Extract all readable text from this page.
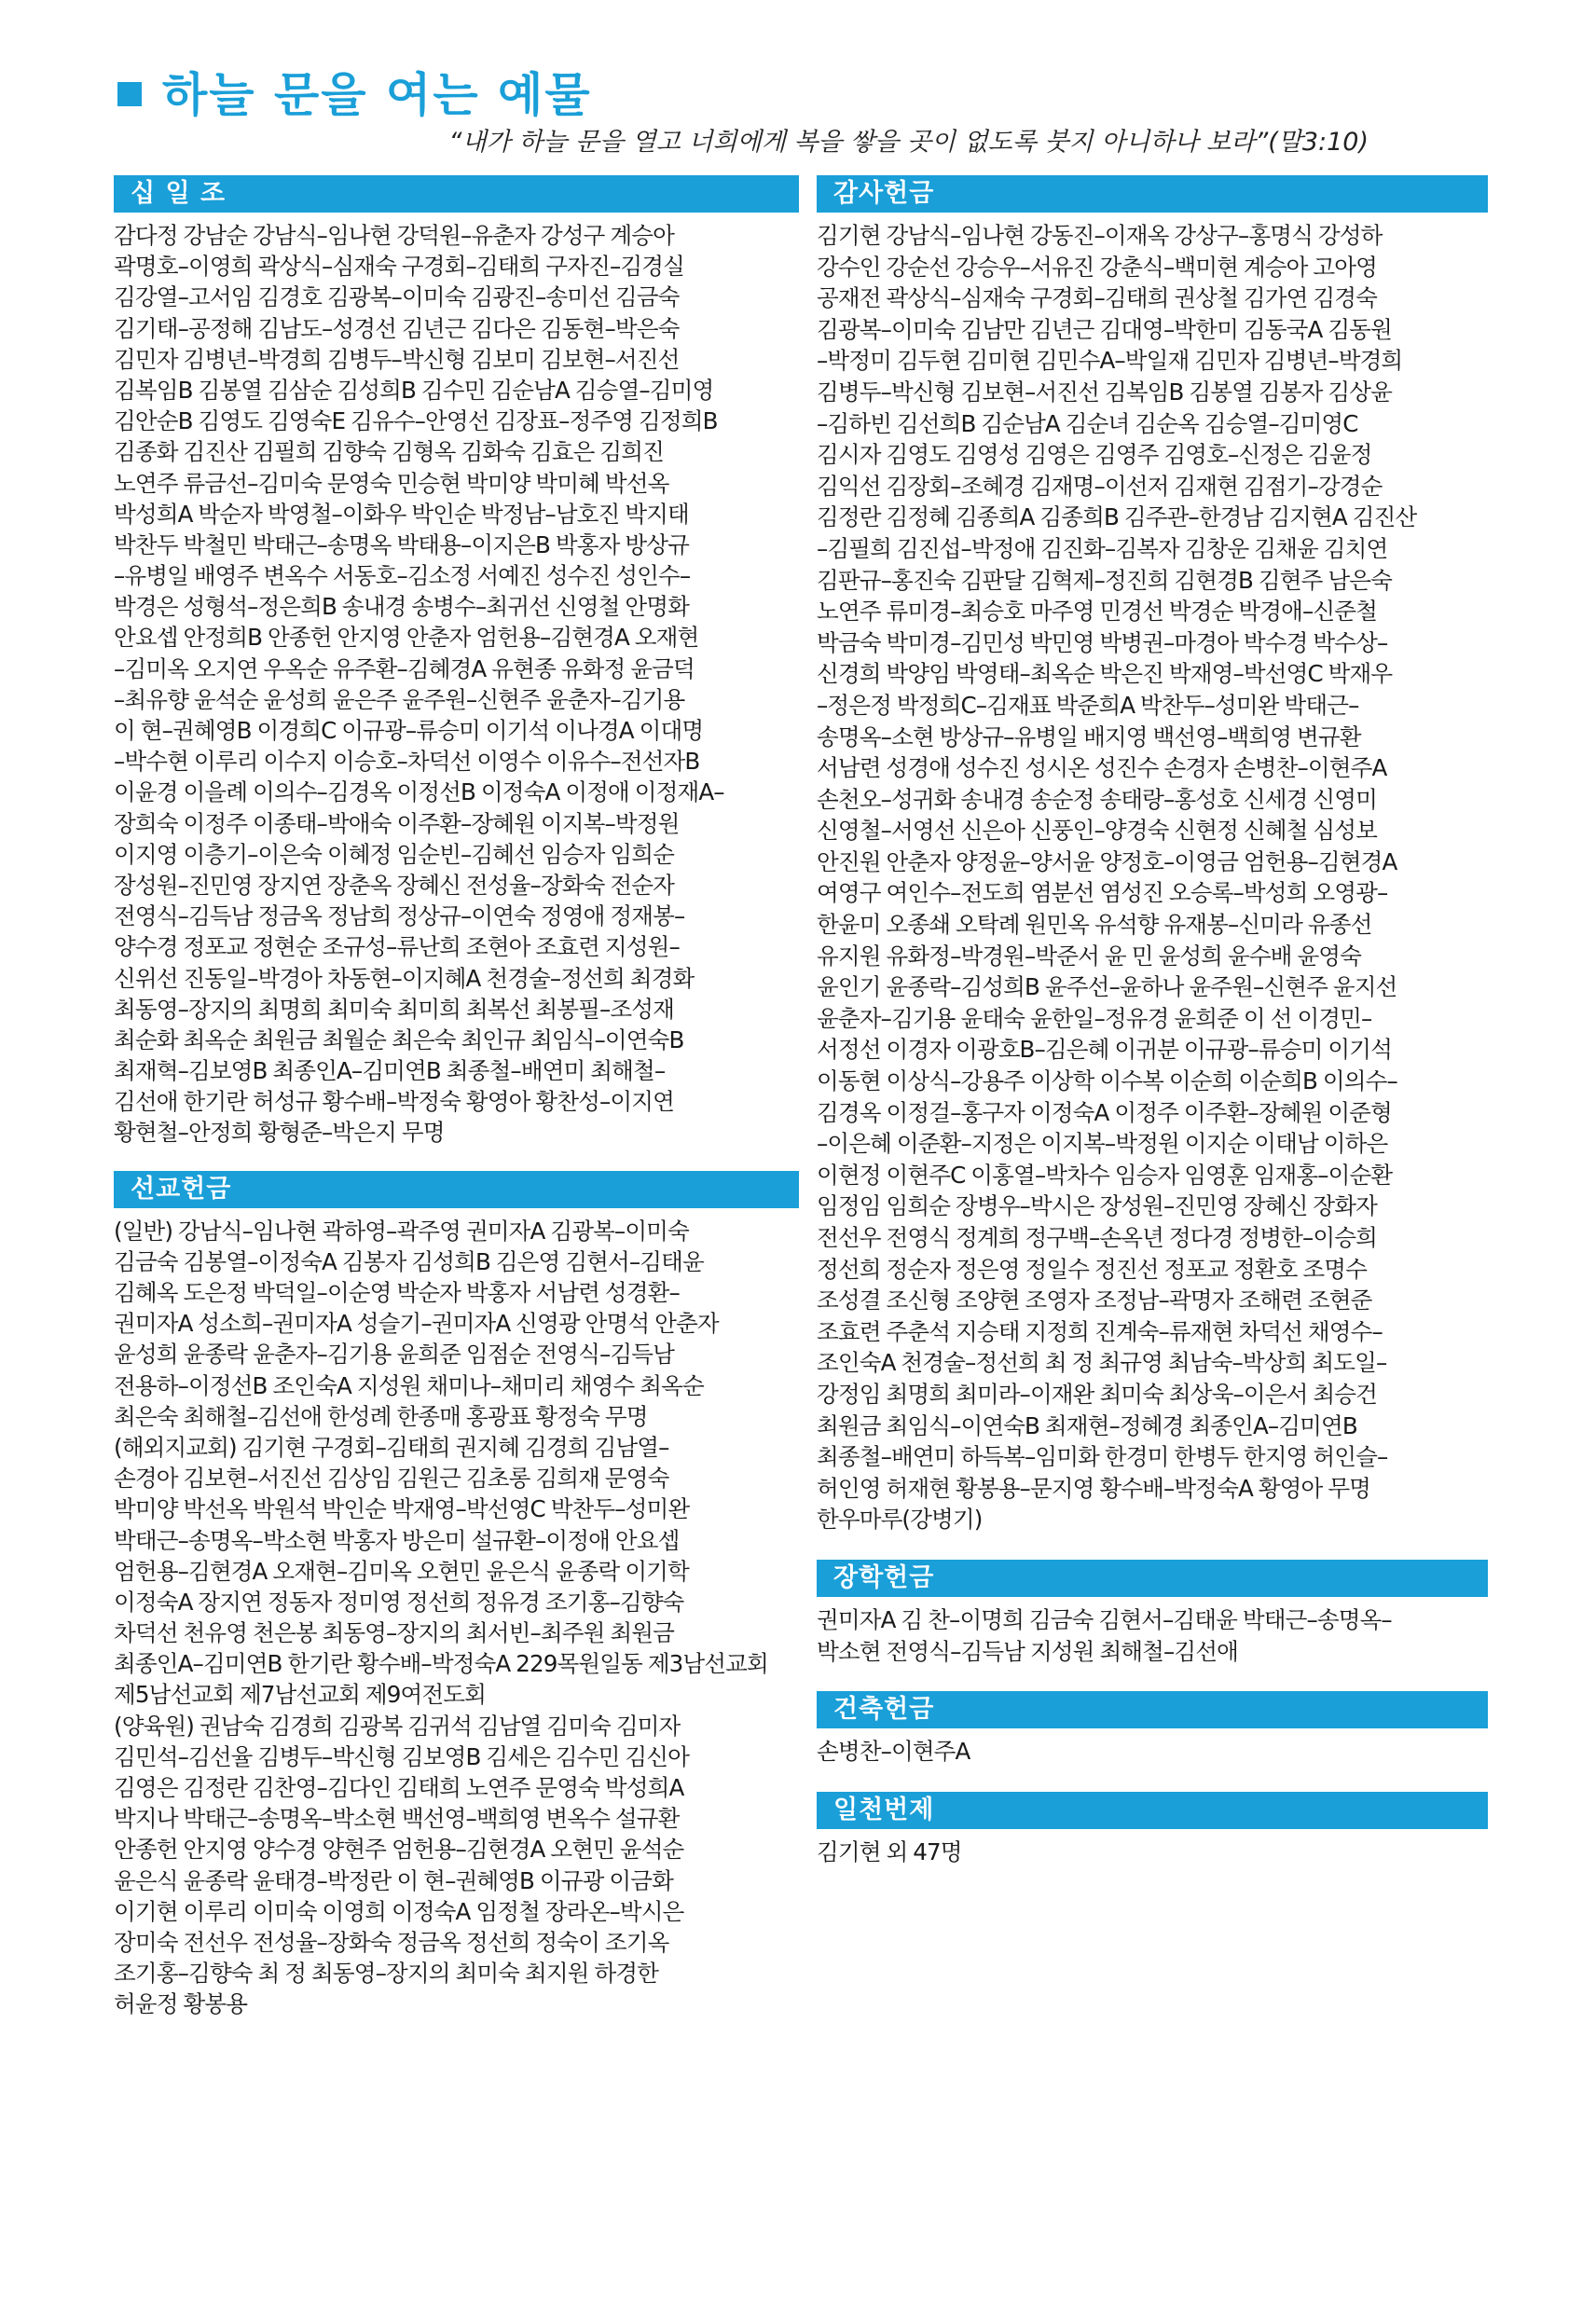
하늘 문을 여는 예물
“내가 하늘 문을 열고 너희에게 복을 쌓을 곳이 없도록 붓지 아니하나 보라”(말3:10)
십 일 조
감다정 강남순 강남식–임나현 강덕원–유춘자 강성구 계승아
곽명호–이영희 곽상식–심재숙 구경회–김태희 구자진–김경실
김강열–고서임 김경호 김광복–이미숙 김광진–송미선 김금숙
김기태–공정해 김남도–성경선 김년근 김다은 김동현–박은숙
김민자 김병년–박경희 김병두–박신형 김보미 김보현–서진선
김복임B 김봉열 김삼순 김성희B 김수민 김순남A 김승열–김미영
김안순B 김영도 김영숙E 김유수–안영선 김장표–정주영 김정희B
김종화 김진산 김필희 김향숙 김형옥 김화숙 김효은 김희진
노연주 류금선–김미숙 문영숙 민승현 박미양 박미혜 박선옥
박성희A 박순자 박영철–이화우 박인순 박정남–남호진 박지태
박찬두 박철민 박태근–송명옥 박태용–이지은B 박홍자 방상규
–유병일 배영주 변옥수 서동호–김소정 서예진 성수진 성인수–
박경은 성형석–정은희B 송내경 송병수–최귀선 신영철 안명화
안요셉 안정희B 안종헌 안지영 안춘자 엄헌용–김현경A 오재현
–김미옥 오지연 우옥순 유주환–김혜경A 유현종 유화정 윤금덕
–최유향 윤석순 윤성희 윤은주 윤주원–신현주 윤춘자–김기용
이 현–권혜영B 이경희C 이규광–류승미 이기석 이나경A 이대명
–박수현 이루리 이수지 이승호–차덕선 이영수 이유수–전선자B
이윤경 이을례 이의수–김경옥 이정선B 이정숙A 이정애 이정재A–
장희숙 이정주 이종태–박애숙 이주환–장혜원 이지복–박정원
이지영 이층기–이은숙 이혜정 임순빈–김혜선 임승자 임희순
장성원–진민영 장지연 장춘옥 장혜신 전성율–장화숙 전순자
전영식–김득남 정금옥 정남희 정상규–이연숙 정영애 정재봉–
양수경 정포교 정현순 조규성–류난희 조현아 조효련 지성원–
신위선 진동일–박경아 차동현–이지혜A 천경술–정선희 최경화
최동영–장지의 최명희 최미숙 최미희 최복선 최봉필–조성재
최순화 최옥순 최원금 최월순 최은숙 최인규 최임식–이연숙B
최재혁–김보영B 최종인A–김미연B 최종철–배연미 최해철–
김선애 한기란 허성규 황수배–박정숙 황영아 황찬성–이지연
황현철–안정희 황형준–박은지 무명
선교헌금
(일반) 강남식–임나현 곽하영–곽주영 권미자A 김광복–이미숙
김금숙 김봉열–이정숙A 김봉자 김성희B 김은영 김현서–김태윤
김혜옥 도은정 박덕일–이순영 박순자 박홍자 서남련 성경환–
권미자A 성소희–권미자A 성슬기–권미자A 신영광 안명석 안춘자
윤성희 윤종락 윤춘자–김기용 윤희준 임점순 전영식–김득남
전용하–이정선B 조인숙A 지성원 채미나–채미리 채영수 최옥순
최은숙 최해철–김선애 한성례 한종매 홍광표 황정숙 무명
(해외지교회) 김기현 구경회–김태희 권지혜 김경희 김남열–
손경아 김보현–서진선 김상임 김원근 김초롱 김희재 문영숙
박미양 박선옥 박원석 박인순 박재영–박선영C 박찬두–성미완
박태근–송명옥–박소현 박홍자 방은미 설규환–이정애 안요셉
엄헌용–김현경A 오재현–김미옥 오현민 윤은식 윤종락 이기학
이정숙A 장지연 정동자 정미영 정선희 정유경 조기홍–김향숙
차덕선 천유영 천은봉 최동영–장지의 최서빈–최주원 최원금
최종인A–김미연B 한기란 황수배–박정숙A 229목원일동 제3남선교회
제5남선교회 제7남선교회 제9여전도회
(양육원) 권남숙 김경희 김광복 김귀석 김남열 김미숙 김미자
김민석–김선율 김병두–박신형 김보영B 김세은 김수민 김신아
김영은 김정란 김찬영–김다인 김태희 노연주 문영숙 박성희A
박지나 박태근–송명옥–박소현 백선영–백희영 변옥수 설규환
안종헌 안지영 양수경 양현주 엄헌용–김현경A 오현민 윤석순
윤은식 윤종락 윤태경–박정란 이 현–권혜영B 이규광 이금화
이기현 이루리 이미숙 이영희 이정숙A 임정철 장라온–박시은
장미숙 전선우 전성율–장화숙 정금옥 정선희 정숙이 조기옥
조기홍–김향숙 최 정 최동영–장지의 최미숙 최지원 하경한
허윤정 황봉용
감사헌금
김기현 강남식–임나현 강동진–이재옥 강상구–홍명식 강성하
강수인 강순선 강승우–서유진 강춘식–백미현 계승아 고아영
공재전 곽상식–심재숙 구경회–김태희 권상철 김가연 김경숙
김광복–이미숙 김남만 김년근 김대영–박한미 김동국A 김동원
–박정미 김두현 김미현 김민수A–박일재 김민자 김병년–박경희
김병두–박신형 김보현–서진선 김복임B 김봉열 김봉자 김상윤
–김하빈 김선희B 김순남A 김순녀 김순옥 김승열–김미영C
김시자 김영도 김영성 김영은 김영주 김영호–신정은 김윤정
김익선 김장회–조혜경 김재명–이선저 김재현 김점기–강경순
김정란 김정혜 김종희A 김종희B 김주관–한경남 김지현A 김진산
–김필희 김진섭–박정애 김진화–김복자 김창운 김채윤 김치연
김판규–홍진숙 김판달 김혁제–정진희 김현경B 김현주 남은숙
노연주 류미경–최승호 마주영 민경선 박경순 박경애–신준철
박금숙 박미경–김민성 박민영 박병권–마경아 박수경 박수상–
신경희 박양임 박영태–최옥순 박은진 박재영–박선영C 박재우
–정은정 박정희C–김재표 박준희A 박찬두–성미완 박태근–
송명옥–소현 방상규–유병일 배지영 백선영–백희영 변규환
서남련 성경애 성수진 성시온 성진수 손경자 손병찬–이현주A
손천오–성귀화 송내경 송순정 송태랑–홍성호 신세경 신영미
신영철–서영선 신은아 신풍인–양경숙 신현정 신혜철 심성보
안진원 안춘자 양정윤–양서윤 양정호–이영금 엄헌용–김현경A
여영구 여인수–전도희 염분선 염성진 오승록–박성희 오영광–
한윤미 오종쇄 오탁례 원민옥 유석향 유재봉–신미라 유종선
유지원 유화정–박경원–박준서 윤 민 윤성희 윤수배 윤영숙
윤인기 윤종락–김성희B 윤주선–윤하나 윤주원–신현주 윤지선
윤춘자–김기용 윤태숙 윤한일–정유경 윤희준 이 선 이경민–
서정선 이경자 이광호B–김은혜 이귀분 이규광–류승미 이기석
이동현 이상식–강용주 이상학 이수복 이순희 이순희B 이의수–
김경옥 이정걸–홍구자 이정숙A 이정주 이주환–장혜원 이준형
–이은혜 이준환–지정은 이지복–박정원 이지순 이태남 이하은
이현정 이현주C 이홍열–박차수 임승자 임영훈 임재홍–이순환
임정임 임희순 장병우–박시은 장성원–진민영 장혜신 장화자
전선우 전영식 정계희 정구백–손옥년 정다경 정병한–이승희
정선희 정순자 정은영 정일수 정진선 정포교 정환호 조명수
조성결 조신형 조양현 조영자 조정남–곽명자 조해련 조현준
조효련 주춘석 지승태 지정희 진계숙–류재현 차덕선 채영수–
조인숙A 천경술–정선희 최 정 최규영 최남숙–박상희 최도일–
강정임 최명희 최미라–이재완 최미숙 최상욱–이은서 최승건
최원금 최임식–이연숙B 최재현–정혜경 최종인A–김미연B
최종철–배연미 하득복–임미화 한경미 한병두 한지영 허인슬–
허인영 허재현 황봉용–문지영 황수배–박정숙A 황영아 무명
한우마루(강병기)
장학헌금
권미자A 김 찬–이명희 김금숙 김현서–김태윤 박태근–송명옥–
박소현 전영식–김득남 지성원 최해철–김선애
건축헌금
손병찬–이현주A
일천번제
김기현 외 47명
